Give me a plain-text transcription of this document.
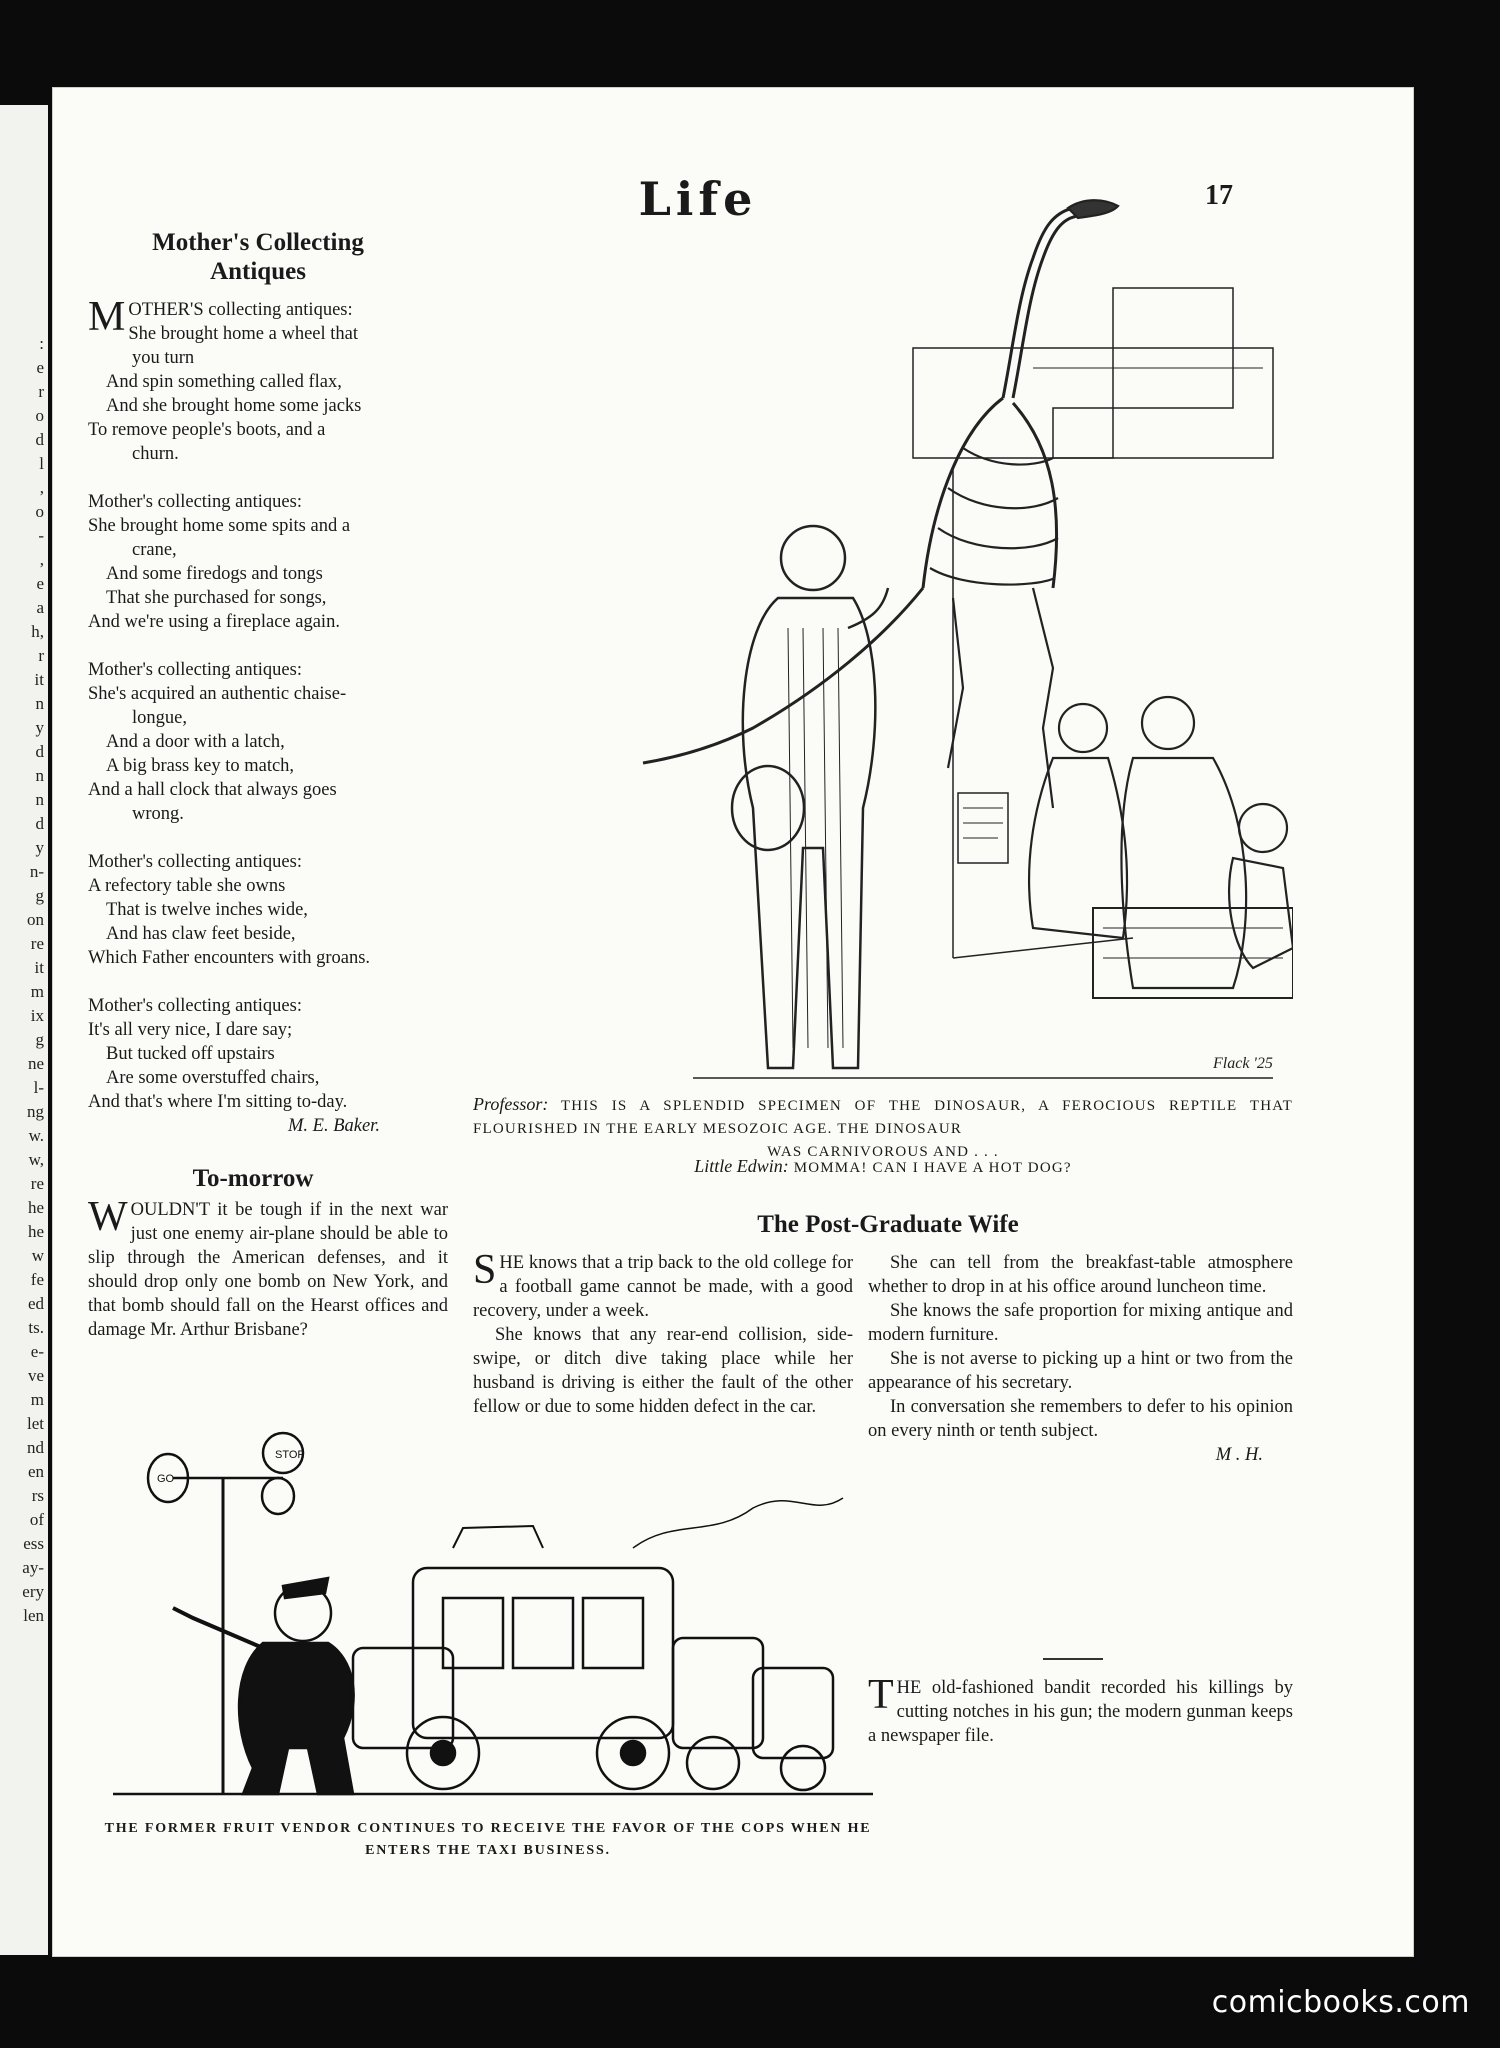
:
e
r
o
d
l
,
o
-
,
e
a
h,
r
it
n
y
d
n
n
d
y
n-
g
on
re
it
m
ix
g
ne
l-
ng
w.
w,
re
he
he
w
fe
ed
ts.
e-
ve
m
let
nd
en
rs
of
ess
ay-
ery
len
Life	17
Mother's Collecting Antiques
M OTHER'S collecting antiques:
She brought home a wheel that
you turn
And spin something called flax,
And she brought home some jacks
To remove people's boots, and a
churn.
Mother's collecting antiques:
She brought home some spits and a
crane,
And some firedogs and tongs
That she purchased for songs,
And we're using a fireplace again.
Mother's collecting antiques:
She's acquired an authentic chaise-
longue,
And a door with a latch,
A big brass key to match,
And a hall clock that always goes
wrong.
Mother's collecting antiques:
A refectory table she owns
That is twelve inches wide,
And has claw feet beside,
Which Father encounters with groans.
Mother's collecting antiques:
It's all very nice, I dare say;
But tucked off upstairs
Are some overstuffed chairs,
And that's where I'm sitting to-day.
M. E. Baker.
To-morrow

WOULDN'T it be tough if in the next war just one enemy air-plane should be able to slip through the American defenses, and it should drop only one bomb on New York, and that bomb should fall on the Hearst offices and damage Mr. Arthur Brisbane?

Flack '25
Professor: THIS IS A SPLENDID SPECIMEN OF THE DINOSAUR, A FEROCIOUS REPTILE THAT FLOURISHED IN THE EARLY MESOZOIC AGE. THE DINOSAUR
WAS CARNIVOROUS AND . . .
Little Edwin: MOMMA! CAN I HAVE A HOT DOG?
The Post-Graduate Wife

SHE knows that a trip back to the old college for a football game cannot be made, with a good recovery, under a week.

She knows that any rear-end collision, side-swipe, or ditch dive taking place while her husband is driving is either the fault of the other fellow or due to some hidden defect in the car.

She can tell from the breakfast-table atmosphere whether to drop in at his office around luncheon time.

She knows the safe proportion for mixing antique and modern furniture.

She is not averse to picking up a hint or two from the appearance of his secretary.

In conversation she remembers to defer to his opinion on every ninth or tenth subject.

M . H.

THE old-fashioned bandit recorded his killings by cutting notches in his gun; the modern gunman keeps a newspaper file.

STOP
GO
THE FORMER FRUIT VENDOR CONTINUES TO RECEIVE THE FAVOR OF THE COPS WHEN HE ENTERS THE TAXI BUSINESS.
comicbooks.com
